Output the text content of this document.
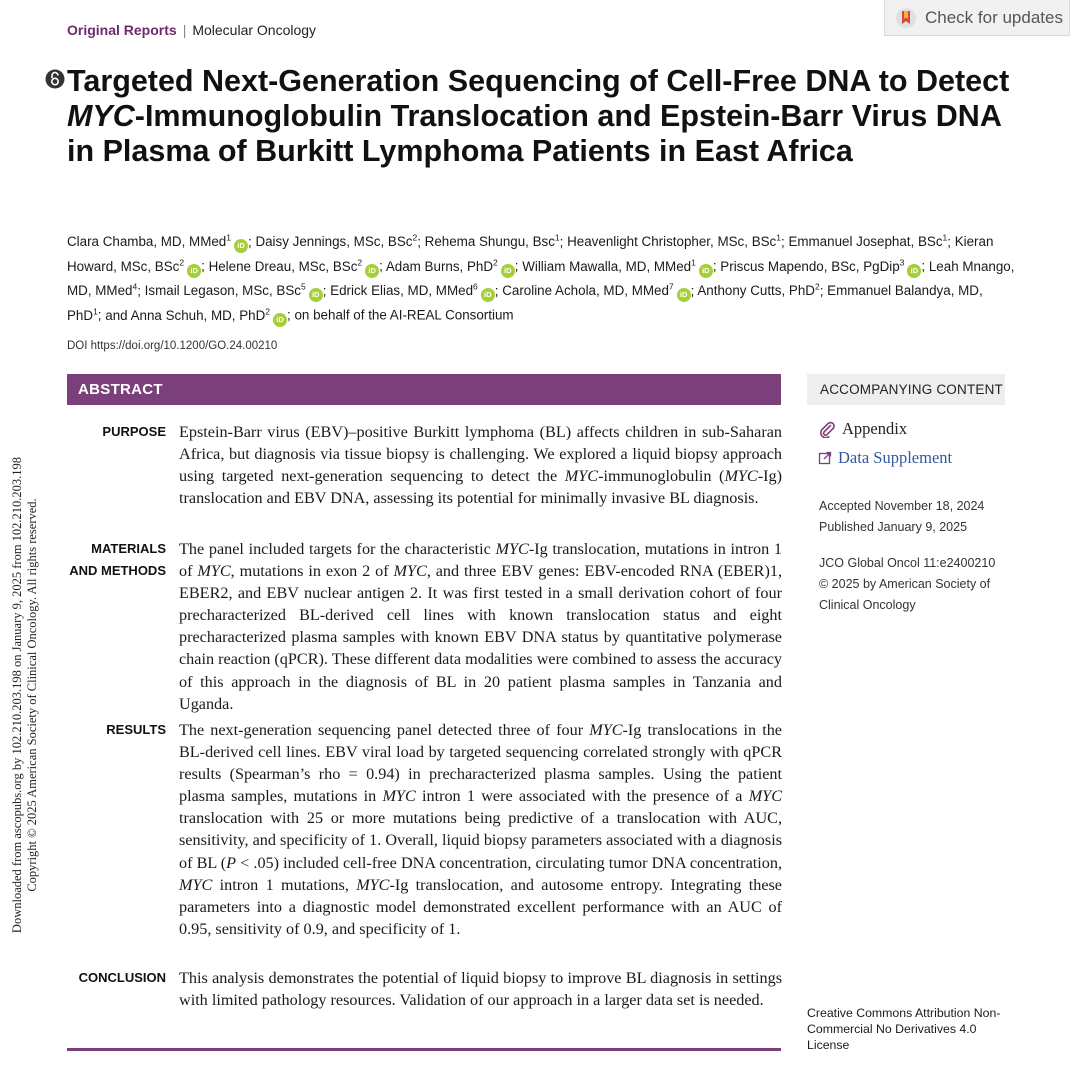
Downloaded from ascopubs.org by 102.210.203.198 on January 9, 2025 from 102.210.203.198 Copyright © 2025 American Society of Clinical Oncology. All rights reserved.
Original Reports | Molecular Oncology
Check for updates
Targeted Next-Generation Sequencing of Cell-Free DNA to Detect MYC-Immunoglobulin Translocation and Epstein-Barr Virus DNA in Plasma of Burkitt Lymphoma Patients in East Africa
Clara Chamba, MD, MMed$^1$iD ; Daisy Jennings, MSc, BSc$^2$; Rehema Shungu, Bsc$^1$; Heavenlight Christopher, MSc, BSc$^1$; Emmanuel Josephat, BSc$^1$; Kieran Howard, MSc, BSc$^2$iD ; Helene Dreau, MSc, BSc$^2$iD ; Adam Burns, PhD$^2$iD ; William Mawalla, MD, MMed$^1$iD ; Priscus Mapendo, BSc, PgDip$^3$iD ; Leah Mnango, MD, MMed$^4$; Ismail Legason, MSc, BSc$^5$iD ; Edrick Elias, MD, MMed$^6$iD ; Caroline Achola, MD, MMed$^7$iD ; Anthony Cutts, PhD$^2$; Emmanuel Balandya, MD, PhD$^1$; and Anna Schuh, MD, PhD$^2$iD ; on behalf of the AI-REAL Consortium
DOI https://doi.org/10.1200/GO.24.00210
ABSTRACT
PURPOSE Epstein-Barr virus (EBV)–positive Burkitt lymphoma (BL) affects children in sub-Saharan Africa, but diagnosis via tissue biopsy is challenging. We explored a liquid biopsy approach using targeted next-generation sequencing to detect the MYC-immunoglobulin (MYC-Ig) translocation and EBV DNA, assessing its potential for minimally invasive BL diagnosis.
MATERIALS
AND METHODS
The panel included targets for the characteristic MYC-Ig translocation, mutations in intron 1 of MYC, mutations in exon 2 of MYC, and three EBV genes: EBV-encoded RNA (EBER)1, EBER2, and EBV nuclear antigen 2. It was first tested in a small derivation cohort of four precharacterized BL-derived cell lines with known translocation status and eight precharacterized plasma samples with known EBV DNA status by quantitative polymerase chain reaction (qPCR). These different data modalities were combined to assess the accuracy of this approach in the diagnosis of BL in 20 patient plasma samples in Tanzania and Uganda.
RESULTS The next-generation sequencing panel detected three of four MYC-Ig translocations in the BL-derived cell lines. EBV viral load by targeted sequencing correlated strongly with qPCR results (Spearman’s rho = 0.94) in precharacterized plasma samples. Using the patient plasma samples, mutations in MYC intron 1 were associated with the presence of a MYC translocation with 25 or more mutations being predictive of a translocation with AUC, sensitivity, and specificity of 1. Overall, liquid biopsy parameters associated with a diagnosis of BL (P < .05) included cell-free DNA concentration, circulating tumor DNA concentration, MYC intron 1 mutations, MYC-Ig translocation, and autosome entropy. Integrating these parameters into a diagnostic model demonstrated excellent performance with an AUC of 0.95, sensitivity of 0.9, and specificity of 1.
CONCLUSION This analysis demonstrates the potential of liquid biopsy to improve BL diagnosis in settings with limited pathology resources. Validation of our approach in a larger data set is needed.
ACCOMPANYING CONTENT
Appendix
Data Supplement
Accepted November 18, 2024
Published January 9, 2025
JCO Global Oncol 11:e2400210
© 2025 by American Society of Clinical Oncology
Creative Commons Attribution Non-Commercial No Derivatives 4.0 License
